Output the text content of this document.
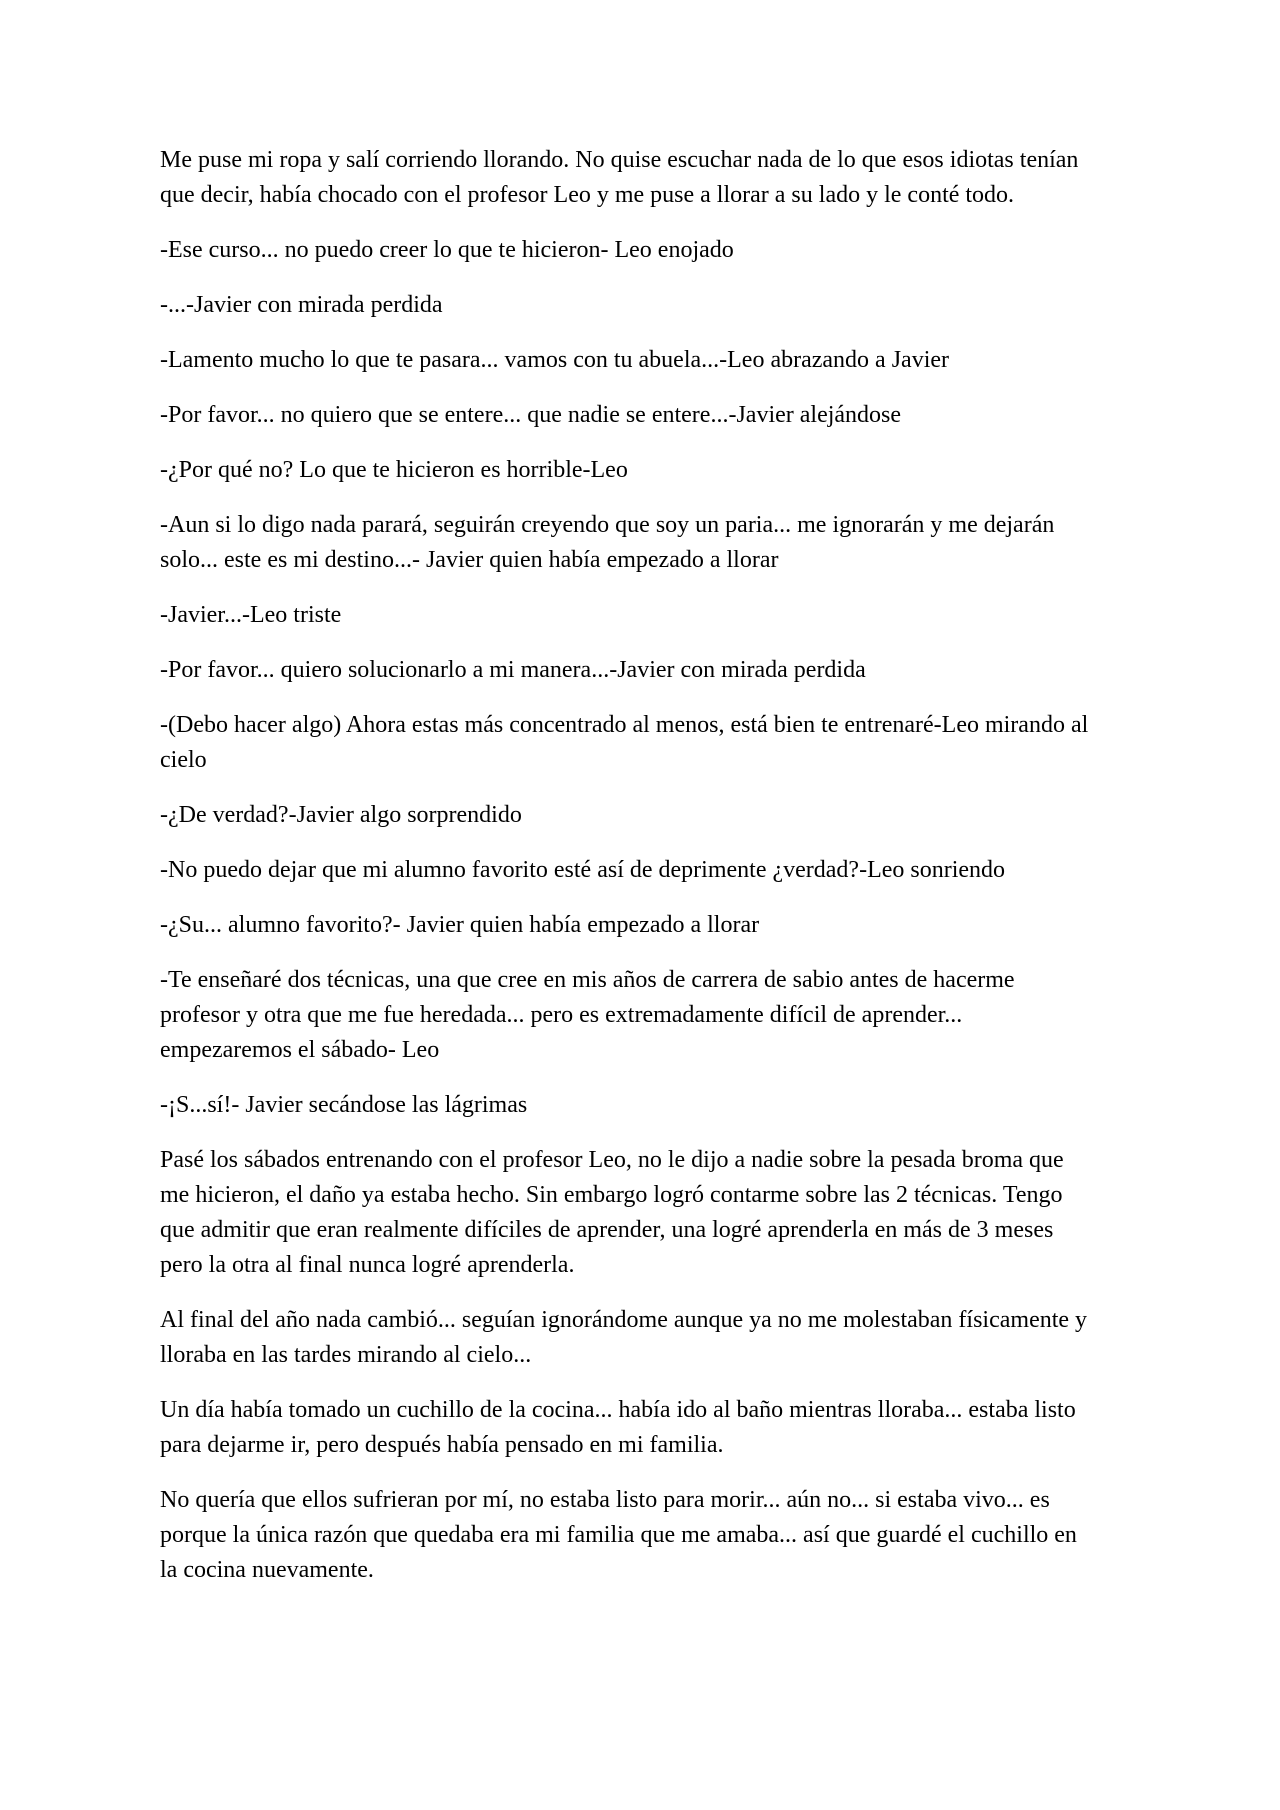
Me puse mi ropa y salí corriendo llorando. No quise escuchar nada de lo que esos idiotas tenían que decir, había chocado con el profesor Leo y me puse a llorar a su lado y le conté todo.

-Ese curso... no puedo creer lo que te hicieron- Leo enojado

-...-Javier con mirada perdida

-Lamento mucho lo que te pasara... vamos con tu abuela...-Leo abrazando a Javier

-Por favor... no quiero que se entere... que nadie se entere...-Javier alejándose

-¿Por qué no? Lo que te hicieron es horrible-Leo

-Aun si lo digo nada parará, seguirán creyendo que soy un paria... me ignorarán y me dejarán solo... este es mi destino...- Javier quien había empezado a llorar

-Javier...-Leo triste

-Por favor... quiero solucionarlo a mi manera...-Javier con mirada perdida

-(Debo hacer algo) Ahora estas más concentrado al menos, está bien te entrenaré-Leo mirando al cielo

-¿De verdad?-Javier algo sorprendido

-No puedo dejar que mi alumno favorito esté así de deprimente ¿verdad?-Leo sonriendo

-¿Su... alumno favorito?- Javier quien había empezado a llorar

-Te enseñaré dos técnicas, una que cree en mis años de carrera de sabio antes de hacerme profesor y otra que me fue heredada... pero es extremadamente difícil de aprender... empezaremos el sábado- Leo

-¡S...sí!- Javier secándose las lágrimas

Pasé los sábados entrenando con el profesor Leo, no le dijo a nadie sobre la pesada broma que me hicieron, el daño ya estaba hecho. Sin embargo logró contarme sobre las 2 técnicas. Tengo que admitir que eran realmente difíciles de aprender, una logré aprenderla en más de 3 meses pero la otra al final nunca logré aprenderla.

Al final del año nada cambió... seguían ignorándome aunque ya no me molestaban físicamente y lloraba en las tardes mirando al cielo...

Un día había tomado un cuchillo de la cocina... había ido al baño mientras lloraba... estaba listo para dejarme ir, pero después había pensado en mi familia.

No quería que ellos sufrieran por mí, no estaba listo para morir... aún no... si estaba vivo... es porque la única razón que quedaba era mi familia que me amaba... así que guardé el cuchillo en la cocina nuevamente.
